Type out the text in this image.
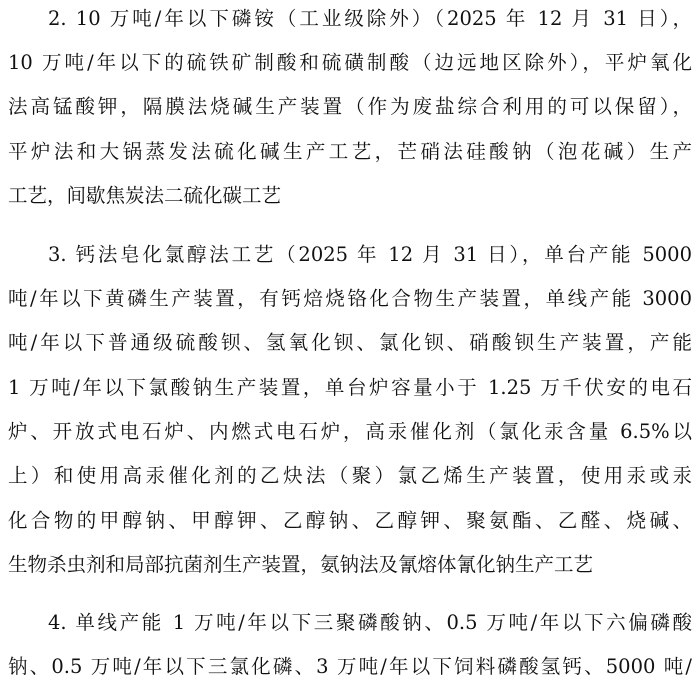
2. 10 万吨/年以下磷铵（工业级除外）（2025 年 12 月 31 日），
10 万吨/年以下的硫铁矿制酸和硫磺制酸（边远地区除外），平炉氧化
法高锰酸钾，隔膜法烧碱生产装置（作为废盐综合利用的可以保留），
平炉法和大锅蒸发法硫化碱生产工艺，芒硝法硅酸钠（泡花碱）生产
工艺，间歇焦炭法二硫化碳工艺
3. 钙法皂化氯醇法工艺（2025 年 12 月 31 日），单台产能 5000
吨/年以下黄磷生产装置，有钙焙烧铬化合物生产装置，单线产能 3000
吨/年以下普通级硫酸钡、氢氧化钡、氯化钡、硝酸钡生产装置，产能
1 万吨/年以下氯酸钠生产装置，单台炉容量小于 1.25 万千伏安的电石
炉、开放式电石炉、内燃式电石炉，高汞催化剂（氯化汞含量 6.5%以
上）和使用高汞催化剂的乙炔法（聚）氯乙烯生产装置，使用汞或汞
化合物的甲醇钠、甲醇钾、乙醇钠、乙醇钾、聚氨酯、乙醛、烧碱、
生物杀虫剂和局部抗菌剂生产装置，氨钠法及氰熔体氰化钠生产工艺
4. 单线产能 1 万吨/年以下三聚磷酸钠、0.5 万吨/年以下六偏磷酸
钠、0.5 万吨/年以下三氯化磷、3 万吨/年以下饲料磷酸氢钙、5000 吨/
